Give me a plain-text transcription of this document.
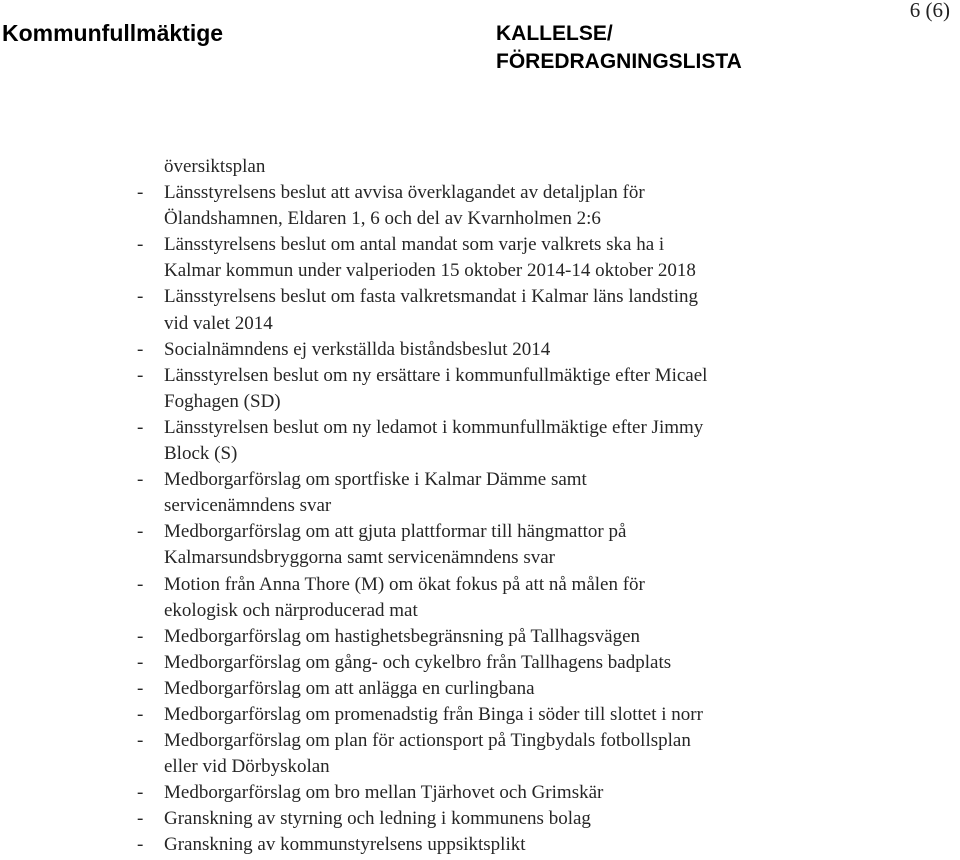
Kommunfullmäktige	KALLELSE/
FÖREDRAGNINGSLISTA
6 (6)
översiktsplan
- Länsstyrelsens beslut att avvisa överklagandet av detaljplan för
Ölandshamnen, Eldaren 1, 6 och del av Kvarnholmen 2:6
- Länsstyrelsens beslut om antal mandat som varje valkrets ska ha i
Kalmar kommun under valperioden 15 oktober 2014-14 oktober 2018
- Länsstyrelsens beslut om fasta valkretsmandat i Kalmar läns landsting
vid valet 2014
- Socialnämndens ej verkställda biståndsbeslut 2014
- Länsstyrelsen beslut om ny ersättare i kommunfullmäktige efter Micael
Foghagen (SD)
- Länsstyrelsen beslut om ny ledamot i kommunfullmäktige efter Jimmy
Block (S)
- Medborgarförslag om sportfiske i Kalmar Dämme samt
servicenämndens svar
- Medborgarförslag om att gjuta plattformar till hängmattor på
Kalmarsundsbryggorna samt servicenämndens svar
- Motion från Anna Thore (M) om ökat fokus på att nå målen för
ekologisk och närproducerad mat
- Medborgarförslag om hastighetsbegränsning på Tallhagsvägen
- Medborgarförslag om gång- och cykelbro från Tallhagens badplats
- Medborgarförslag om att anlägga en curlingbana
- Medborgarförslag om promenadstig från Binga i söder till slottet i norr
- Medborgarförslag om plan för actionsport på Tingbydals fotbollsplan
eller vid Dörbyskolan
- Medborgarförslag om bro mellan Tjärhovet och Grimskär
- Granskning av styrning och ledning i kommunens bolag
- Granskning av kommunstyrelsens uppsiktsplikt
